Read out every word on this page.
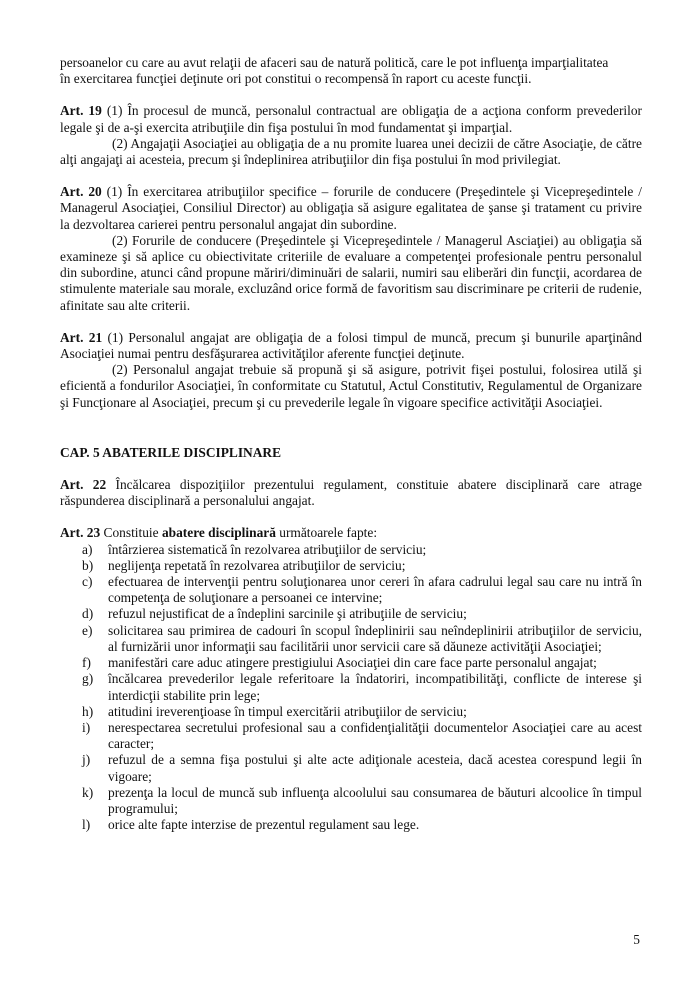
persoanelor cu care au avut relaţii de afaceri sau de natură politică, care le pot influenţa imparţialitatea

în exercitarea funcţiei deţinute ori pot constitui o recompensă în raport cu aceste funcţii.

Art. 19 (1) În procesul de muncă, personalul contractual are obligaţia de a acţiona conform prevederilor legale şi de a-şi exercita atribuţiile din fişa postului în mod fundamentat şi imparţial.

(2) Angajaţii Asociaţiei au obligaţia de a nu promite luarea unei decizii de către Asociaţie, de către alţi angajaţi ai acesteia, precum şi îndeplinirea atribuţiilor din fişa postului în mod privilegiat.

Art. 20 (1) În exercitarea atribuţiilor specifice – forurile de conducere (Preşedintele şi Vicepreşedintele / Managerul Asociaţiei, Consiliul Director) au obligaţia să asigure egalitatea de şanse şi tratament cu privire la dezvoltarea carierei pentru personalul angajat din subordine.

(2) Forurile de conducere (Preşedintele şi Vicepreşedintele / Managerul Asciaţiei) au obligaţia să examineze şi să aplice cu obiectivitate criteriile de evaluare a competenţei profesionale pentru personalul din subordine, atunci când propune măriri/diminuări de salarii, numiri sau eliberări din funcţii, acordarea de stimulente materiale sau morale, excluzând orice formă de favoritism sau discriminare pe criterii de rudenie, afinitate sau alte criterii.

Art. 21 (1) Personalul angajat are obligaţia de a folosi timpul de muncă, precum şi bunurile aparţinând Asociaţiei numai pentru desfăşurarea activităţilor aferente funcţiei deţinute.

(2) Personalul angajat trebuie să propună şi să asigure, potrivit fişei postului, folosirea utilă şi eficientă a fondurilor Asociaţiei, în conformitate cu Statutul, Actul Constitutiv, Regulamentul de Organizare şi Funcţionare al Asociaţiei, precum şi cu prevederile legale în vigoare specifice activităţii Asociaţiei.

CAP. 5 ABATERILE DISCIPLINARE

Art. 22 Încălcarea dispoziţiilor prezentului regulament, constituie abatere disciplinară care atrage răspunderea disciplinară a personalului angajat.

Art. 23 Constituie abatere disciplinară următoarele fapte:

a)	întârzierea sistematică în rezolvarea atribuţiilor de serviciu;
b)	neglijenţa repetată în rezolvarea atribuţiilor de serviciu;
c)	efectuarea de intervenţii pentru soluţionarea unor cereri în afara cadrului legal sau care nu intră în competenţa de soluţionare a persoanei ce intervine;
d)	refuzul nejustificat de a îndeplini sarcinile şi atribuţiile de serviciu;
e)	solicitarea sau primirea de cadouri în scopul îndeplinirii sau neîndeplinirii atribuţiilor de serviciu, al furnizării unor informaţii sau facilitării unor servicii care să dăuneze activităţii Asociaţiei;
f)	manifestări care aduc atingere prestigiului Asociaţiei din care face parte personalul angajat;
g)	încălcarea prevederilor legale referitoare la îndatoriri, incompatibilităţi, conflicte de interese şi interdicţii stabilite prin lege;
h)	atitudini ireverenţioase în timpul exercitării atribuţiilor de serviciu;
i)	nerespectarea secretului profesional sau a confidenţialităţii documentelor Asociaţiei care au acest caracter;
j)	refuzul de a semna fişa postului şi alte acte adiţionale acesteia, dacă acestea corespund legii în vigoare;
k)	prezenţa la locul de muncă sub influenţa alcoolului sau consumarea de băuturi alcoolice în timpul programului;
l)	orice alte fapte interzise de prezentul regulament sau lege.
5
